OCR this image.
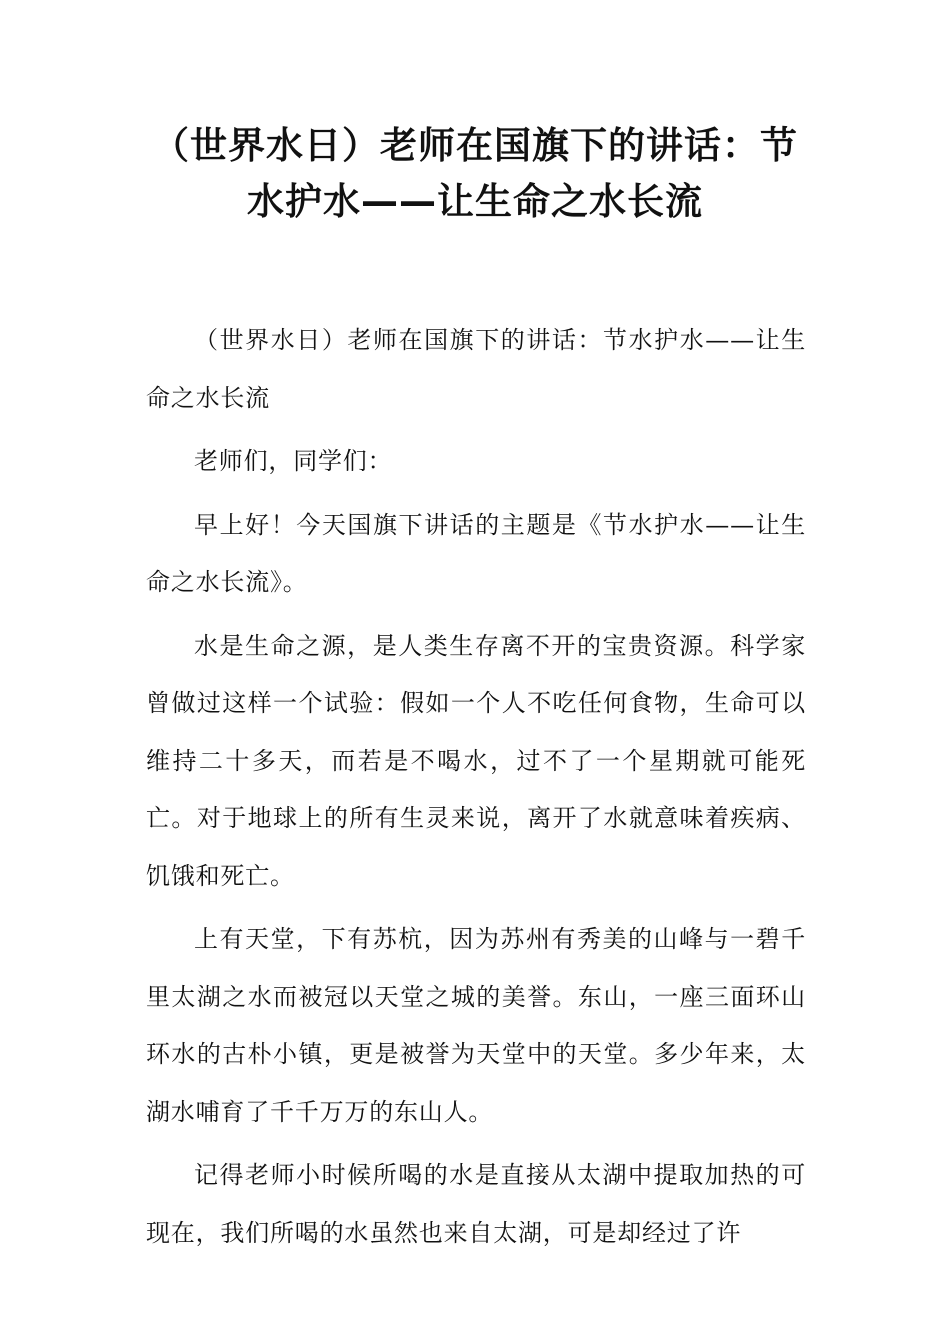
（世界水日）老师在国旗下的讲话：节水护水——让生命之水长流

（世界水日）老师在国旗下的讲话：节水护水——让生命之水长流

老师们，同学们：

早上好！今天国旗下讲话的主题是《节水护水——让生命之水长流》。

水是生命之源，是人类生存离不开的宝贵资源。科学家曾做过这样一个试验：假如一个人不吃任何食物，生命可以维持二十多天，而若是不喝水，过不了一个星期就可能死亡。对于地球上的所有生灵来说，离开了水就意味着疾病、饥饿和死亡。

上有天堂，下有苏杭，因为苏州有秀美的山峰与一碧千里太湖之水而被冠以天堂之城的美誉。东山，一座三面环山环水的古朴小镇，更是被誉为天堂中的天堂。多少年来，太湖水哺育了千千万万的东山人。

记得老师小时候所喝的水是直接从太湖中提取加热的可现在，我们所喝的水虽然也来自太湖，可是却经过了许
